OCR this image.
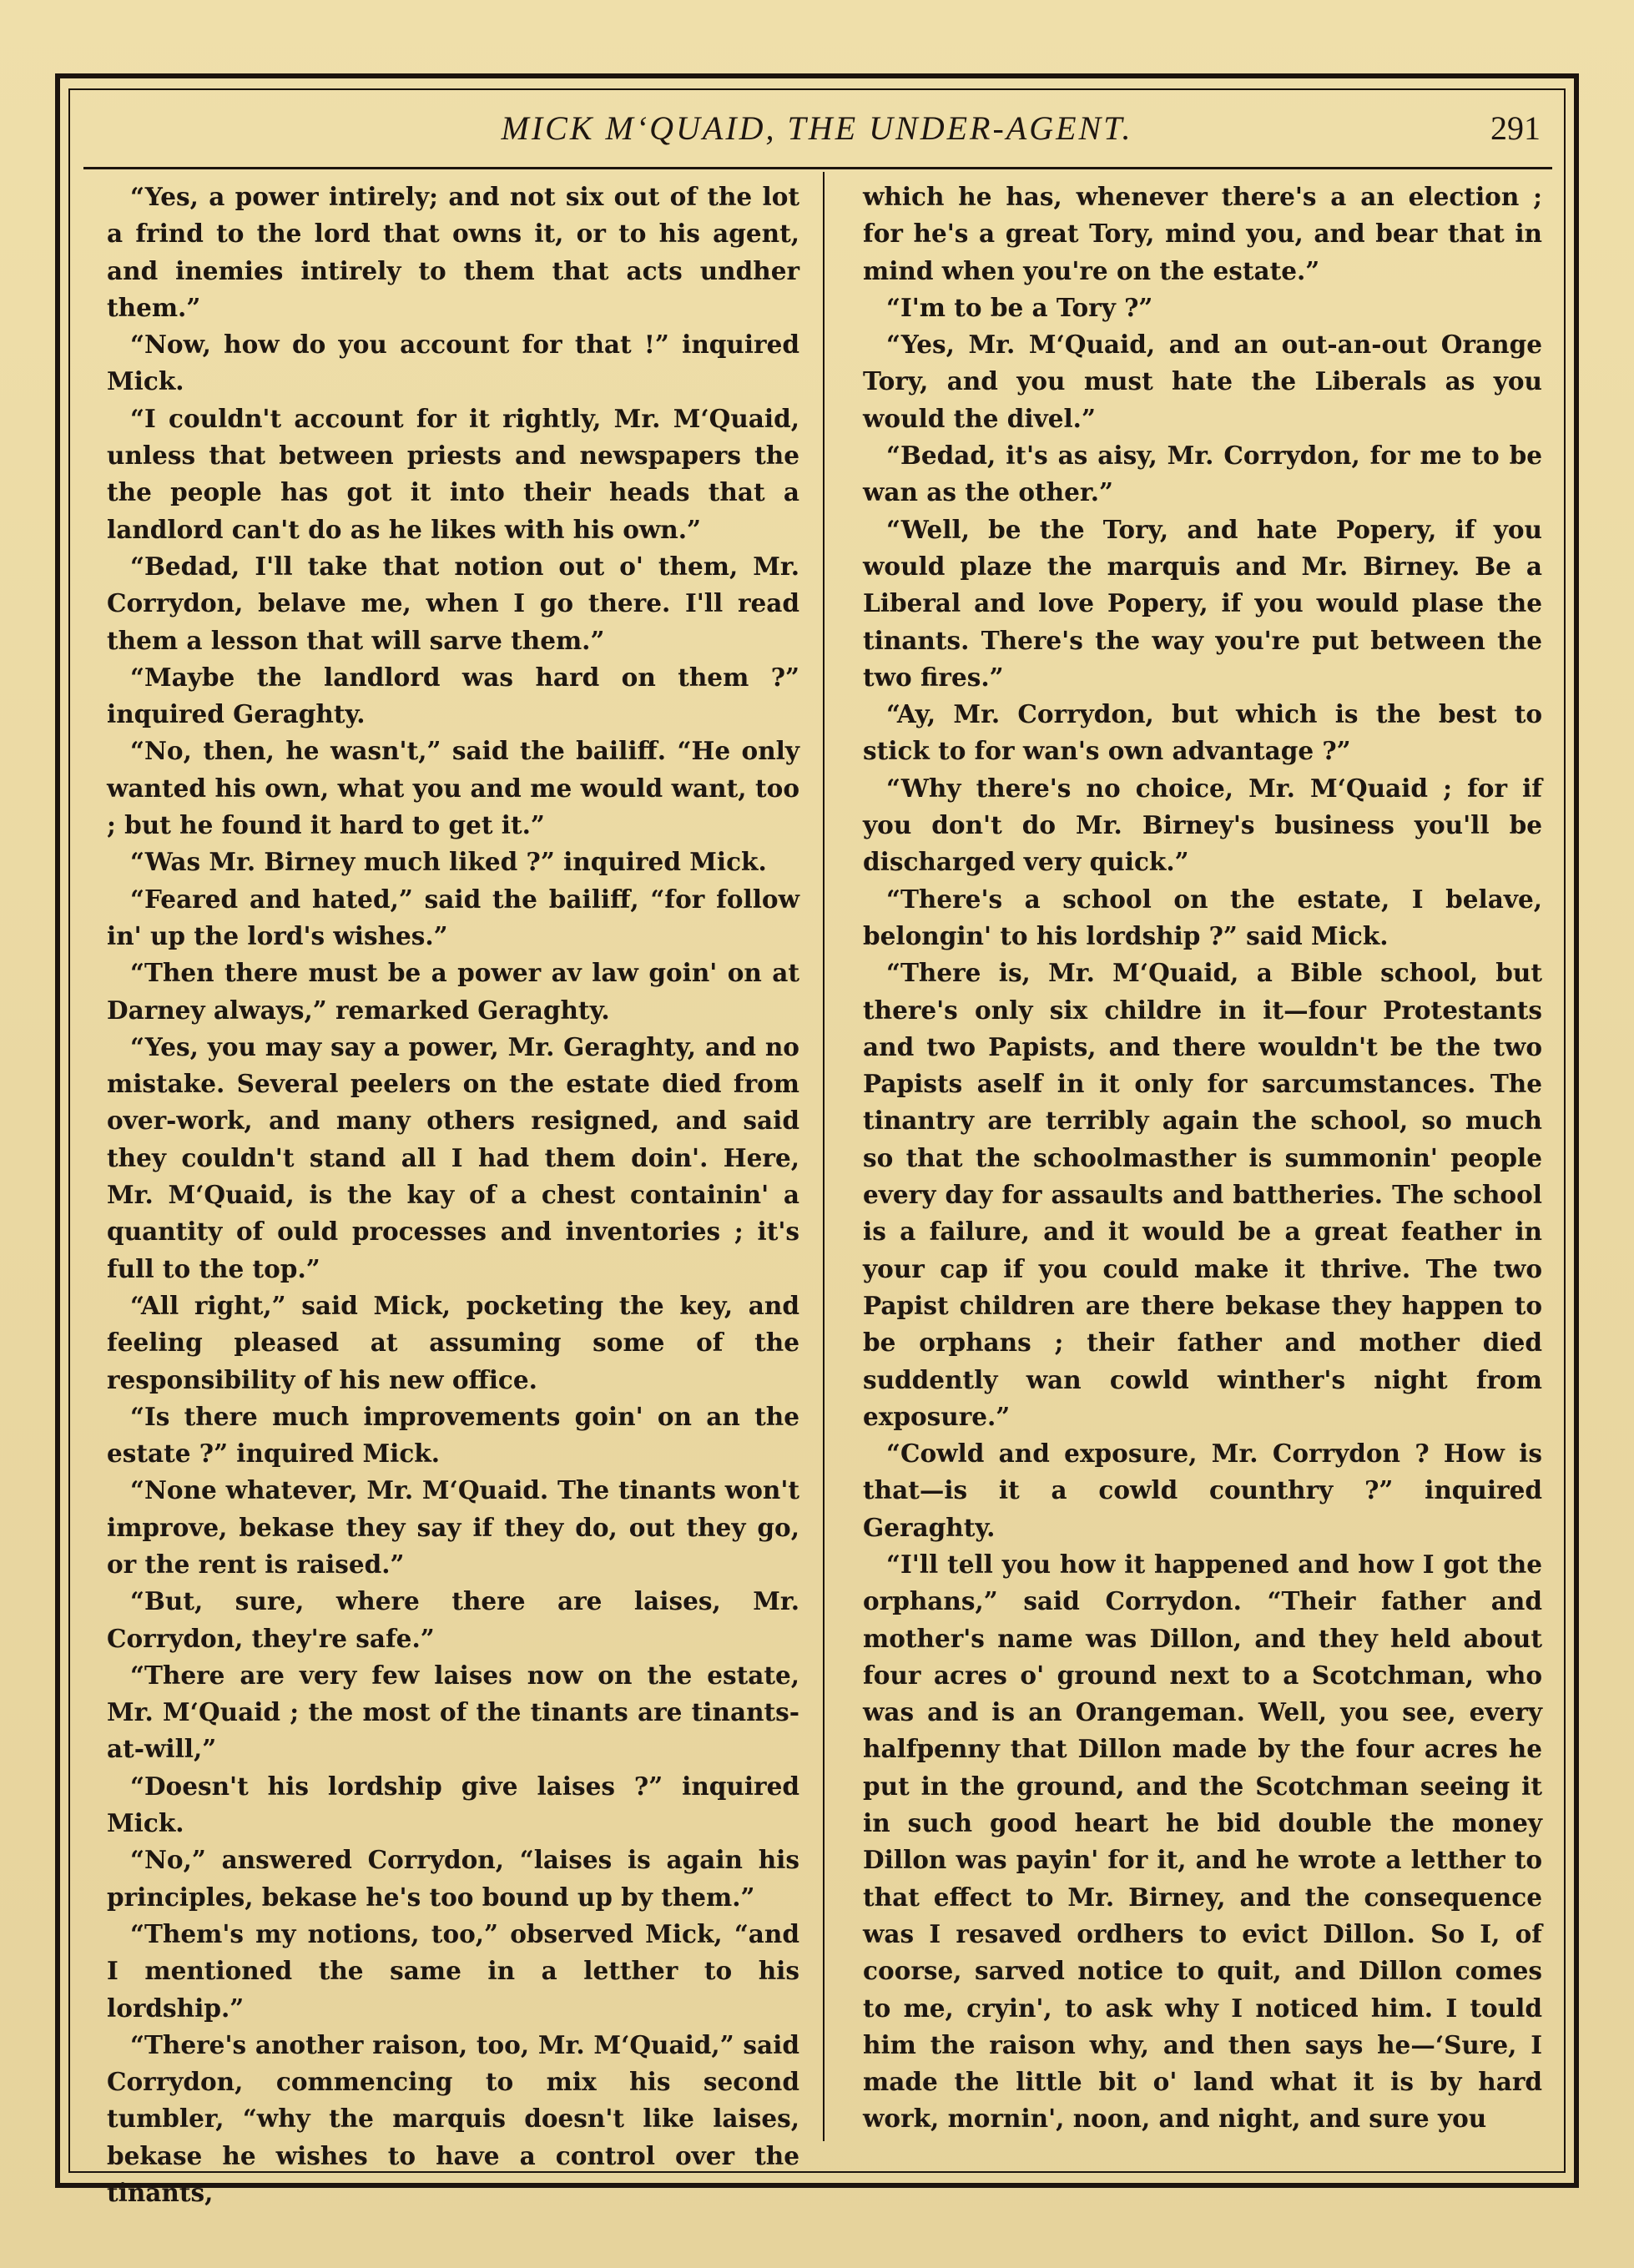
MICK M‘QUAID, THE UNDER-AGENT.	291

“Yes, a power intirely; and not six out of the lot a frind to the lord that owns it, or to his agent, and inemies intirely to them that acts undher them.”

“Now, how do you account for that !” inquired Mick.

“I couldn't account for it rightly, Mr. M‘Quaid, unless that between priests and newspapers the the people has got it into their heads that a landlord can't do as he likes with his own.”

“Bedad, I'll take that notion out o' them, Mr. Corrydon, belave me, when I go there. I'll read them a lesson that will sarve them.”

“Maybe the landlord was hard on them ?” inquired Geraghty.

“No, then, he wasn't,” said the bailiff. “He only wanted his own, what you and me would want, too ; but he found it hard to get it.”

“Was Mr. Birney much liked ?” inquired Mick.

“Feared and hated,” said the bailiff, “for follow in' up the lord's wishes.”

“Then there must be a power av law goin' on at Darney always,” remarked Geraghty.

“Yes, you may say a power, Mr. Geraghty, and no mistake. Several peelers on the estate died from over-work, and many others resigned, and said they couldn't stand all I had them doin'. Here, Mr. M‘Quaid, is the kay of a chest containin' a quantity of ould processes and inventories ; it's full to the top.”

“All right,” said Mick, pocketing the key, and feeling pleased at assuming some of the responsibility of his new office.

“Is there much improvements goin' on an the estate ?” inquired Mick.

“None whatever, Mr. M‘Quaid. The tinants won't improve, bekase they say if they do, out they go, or the rent is raised.”

“But, sure, where there are laises, Mr. Corrydon, they're safe.”

“There are very few laises now on the estate, Mr. M‘Quaid ; the most of the tinants are tinants-at-will,”

“Doesn't his lordship give laises ?” inquired Mick.

“No,” answered Corrydon, “laises is again his principles, bekase he's too bound up by them.”

“Them's my notions, too,” observed Mick, “and I mentioned the same in a letther to his lordship.”

“There's another raison, too, Mr. M‘Quaid,” said Corrydon, commencing to mix his second tumbler, “why the marquis doesn't like laises, bekase he wishes to have a control over the tinants,

which he has, whenever there's a an election ; for he's a great Tory, mind you, and bear that in mind when you're on the estate.”

“I'm to be a Tory ?”

“Yes, Mr. M‘Quaid, and an out-an-out Orange Tory, and you must hate the Liberals as you would the divel.”

“Bedad, it's as aisy, Mr. Corrydon, for me to be wan as the other.”

“Well, be the Tory, and hate Popery, if you would plaze the marquis and Mr. Birney. Be a Liberal and love Popery, if you would plase the tinants. There's the way you're put between the two fires.”

“Ay, Mr. Corrydon, but which is the best to stick to for wan's own advantage ?”

“Why there's no choice, Mr. M‘Quaid ; for if you don't do Mr. Birney's business you'll be discharged very quick.”

“There's a school on the estate, I belave, belongin' to his lordship ?” said Mick.

“There is, Mr. M‘Quaid, a Bible school, but there's only six childre in it—four Protestants and two Papists, and there wouldn't be the two Papists aself in it only for sarcumstances. The tinantry are terribly again the school, so much so that the schoolmasther is summonin' people every day for assaults and battheries. The school is a failure, and it would be a great feather in your cap if you could make it thrive. The two Papist children are there bekase they happen to be orphans ; their father and mother died suddently wan cowld winther's night from exposure.”

“Cowld and exposure, Mr. Corrydon ? How is that—is it a cowld counthry ?” inquired Geraghty.

“I'll tell you how it happened and how I got the orphans,” said Corrydon. “Their father and mother's name was Dillon, and they held about four acres o' ground next to a Scotchman, who was and is an Orangeman. Well, you see, every halfpenny that Dillon made by the four acres he put in the ground, and the Scotchman seeing it in such good heart he bid double the money Dillon was payin' for it, and he wrote a letther to that effect to Mr. Birney, and the consequence was I resaved ordhers to evict Dillon. So I, of coorse, sarved notice to quit, and Dillon comes to me, cryin', to ask why I noticed him. I tould him the raison why, and then says he—‘Sure, I made the little bit o' land what it is by hard work, mornin', noon, and night, and sure you
